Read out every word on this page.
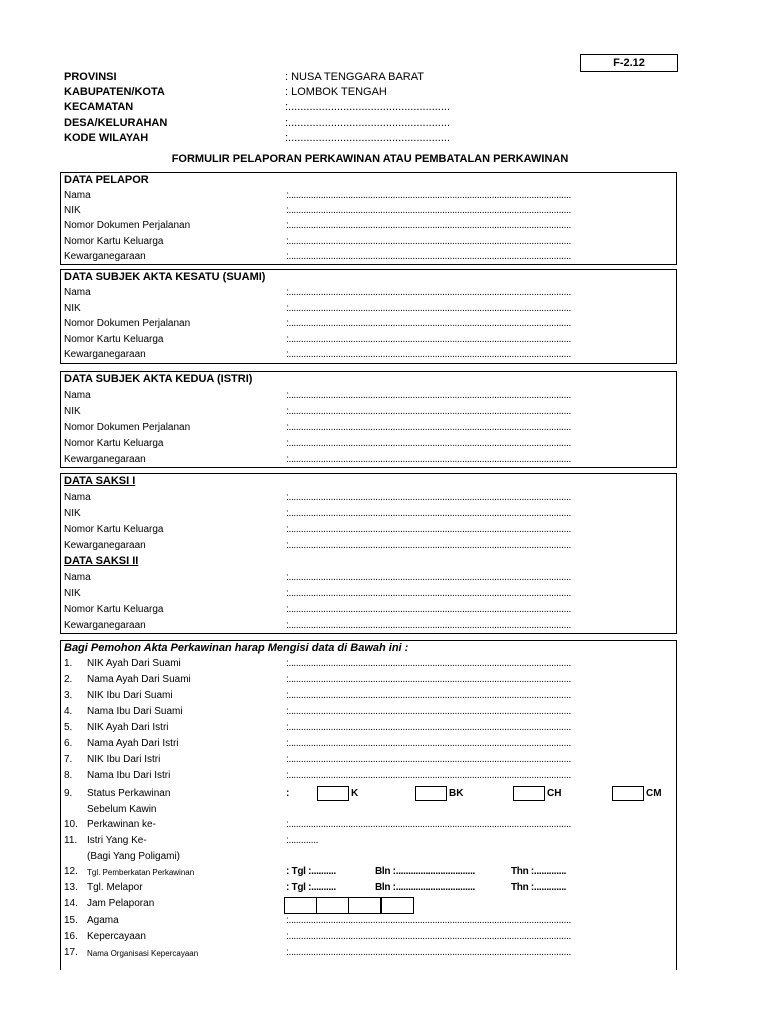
F-2.12
PROVINSI	: NUSA TENGGARA BARAT
KABUPATEN/KOTA	: LOMBOK TENGAH
KECAMATAN	:.....................................................
DESA/KELURAHAN	:.....................................................
KODE WILAYAH	:.....................................................
FORMULIR PELAPORAN PERKAWINAN ATAU PEMBATALAN PERKAWINAN
DATA PELAPOR
Nama	:..................................................................................................................
NIK	:..................................................................................................................
Nomor Dokumen Perjalanan	:..................................................................................................................
Nomor Kartu Keluarga	:..................................................................................................................
Kewarganegaraan	:..................................................................................................................
DATA SUBJEK AKTA KESATU (SUAMI)
Nama	:..................................................................................................................
NIK	:..................................................................................................................
Nomor Dokumen Perjalanan	:..................................................................................................................
Nomor Kartu Keluarga	:..................................................................................................................
Kewarganegaraan	:..................................................................................................................
DATA SUBJEK AKTA KEDUA (ISTRI)
Nama	:..................................................................................................................
NIK	:..................................................................................................................
Nomor Dokumen Perjalanan	:..................................................................................................................
Nomor Kartu Keluarga	:..................................................................................................................
Kewarganegaraan	:..................................................................................................................
DATA SAKSI I
Nama	:..................................................................................................................
NIK	:..................................................................................................................
Nomor Kartu Keluarga	:..................................................................................................................
Kewarganegaraan	:..................................................................................................................
DATA SAKSI II
Nama	:..................................................................................................................
NIK	:..................................................................................................................
Nomor Kartu Keluarga	:..................................................................................................................
Kewarganegaraan	:..................................................................................................................
Bagi Pemohon Akta Perkawinan harap Mengisi data di Bawah ini :
1. NIK Ayah Dari Suami	:..................................................................................................................
2. Nama Ayah Dari Suami	:..................................................................................................................
3. NIK Ibu Dari Suami	:..................................................................................................................
4. Nama Ibu Dari Suami	:..................................................................................................................
5. NIK Ayah Dari Istri	:..................................................................................................................
6. Nama Ayah Dari Istri	:..................................................................................................................
7. NIK Ibu Dari Istri	:..................................................................................................................
8. Nama Ibu Dari Istri	:..................................................................................................................
9. Status Perkawinan
Sebelum Kawin
:	K	BK	CH	CM
10. Perkawinan ke-	:..................................................................................................................
11. Istri Yang Ke-
(Bagi Yang Poligami)
:............
12. Tgl. Pemberkatan Perkawinan	: Tgl :..........	Bln :................................	Thn :.............
13. Tgl. Melapor	: Tgl :..........	Bln :................................	Thn :.............
14. Jam Pelaporan
15. Agama	:..................................................................................................................
16. Kepercayaan	:..................................................................................................................
17. Nama Organisasi Kepercayaan	:..................................................................................................................
